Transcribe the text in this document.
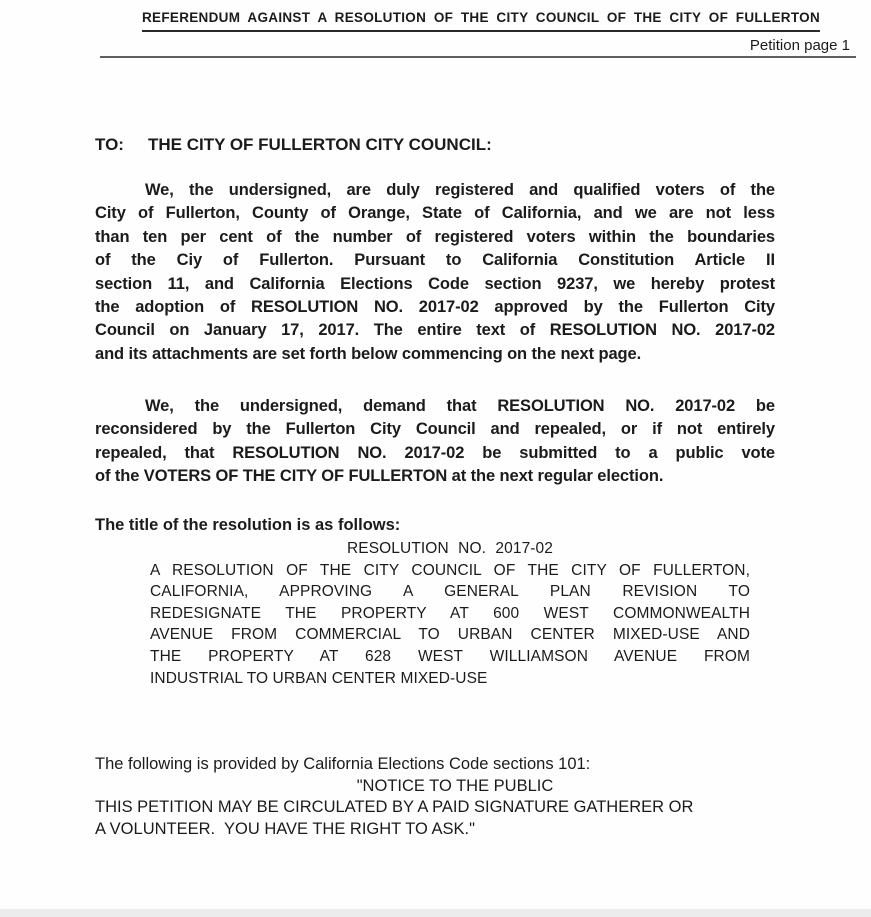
REFERENDUM AGAINST A RESOLUTION OF THE CITY COUNCIL OF THE CITY OF FULLERTON
Petition page 1
TO: THE CITY OF FULLERTON CITY COUNCIL:
We, the undersigned, are duly registered and qualified voters of the
City of Fullerton, County of Orange, State of California, and we are not less
than ten per cent of the number of registered voters within the boundaries
of the Ciy of Fullerton. Pursuant to California Constitution Article II
section 11, and California Elections Code section 9237, we hereby protest
the adoption of RESOLUTION NO. 2017-02 approved by the Fullerton City
Council on January 17, 2017. The entire text of RESOLUTION NO. 2017-02
and its attachments are set forth below commencing on the next page.
We, the undersigned, demand that RESOLUTION NO. 2017-02 be
reconsidered by the Fullerton City Council and repealed, or if not entirely
repealed, that RESOLUTION NO. 2017-02 be submitted to a public vote
of the VOTERS OF THE CITY OF FULLERTON at the next regular election.
The title of the resolution is as follows:
RESOLUTION NO. 2017-02
A RESOLUTION OF THE CITY COUNCIL OF THE CITY OF FULLERTON,
CALIFORNIA, APPROVING A GENERAL PLAN REVISION TO
REDESIGNATE THE PROPERTY AT 600 WEST COMMONWEALTH
AVENUE FROM COMMERCIAL TO URBAN CENTER MIXED-USE AND
THE PROPERTY AT 628 WEST WILLIAMSON AVENUE FROM
INDUSTRIAL TO URBAN CENTER MIXED-USE
The following is provided by California Elections Code sections 101:
"NOTICE TO THE PUBLIC
THIS PETITION MAY BE CIRCULATED BY A PAID SIGNATURE GATHERER OR
A VOLUNTEER.  YOU HAVE THE RIGHT TO ASK."
